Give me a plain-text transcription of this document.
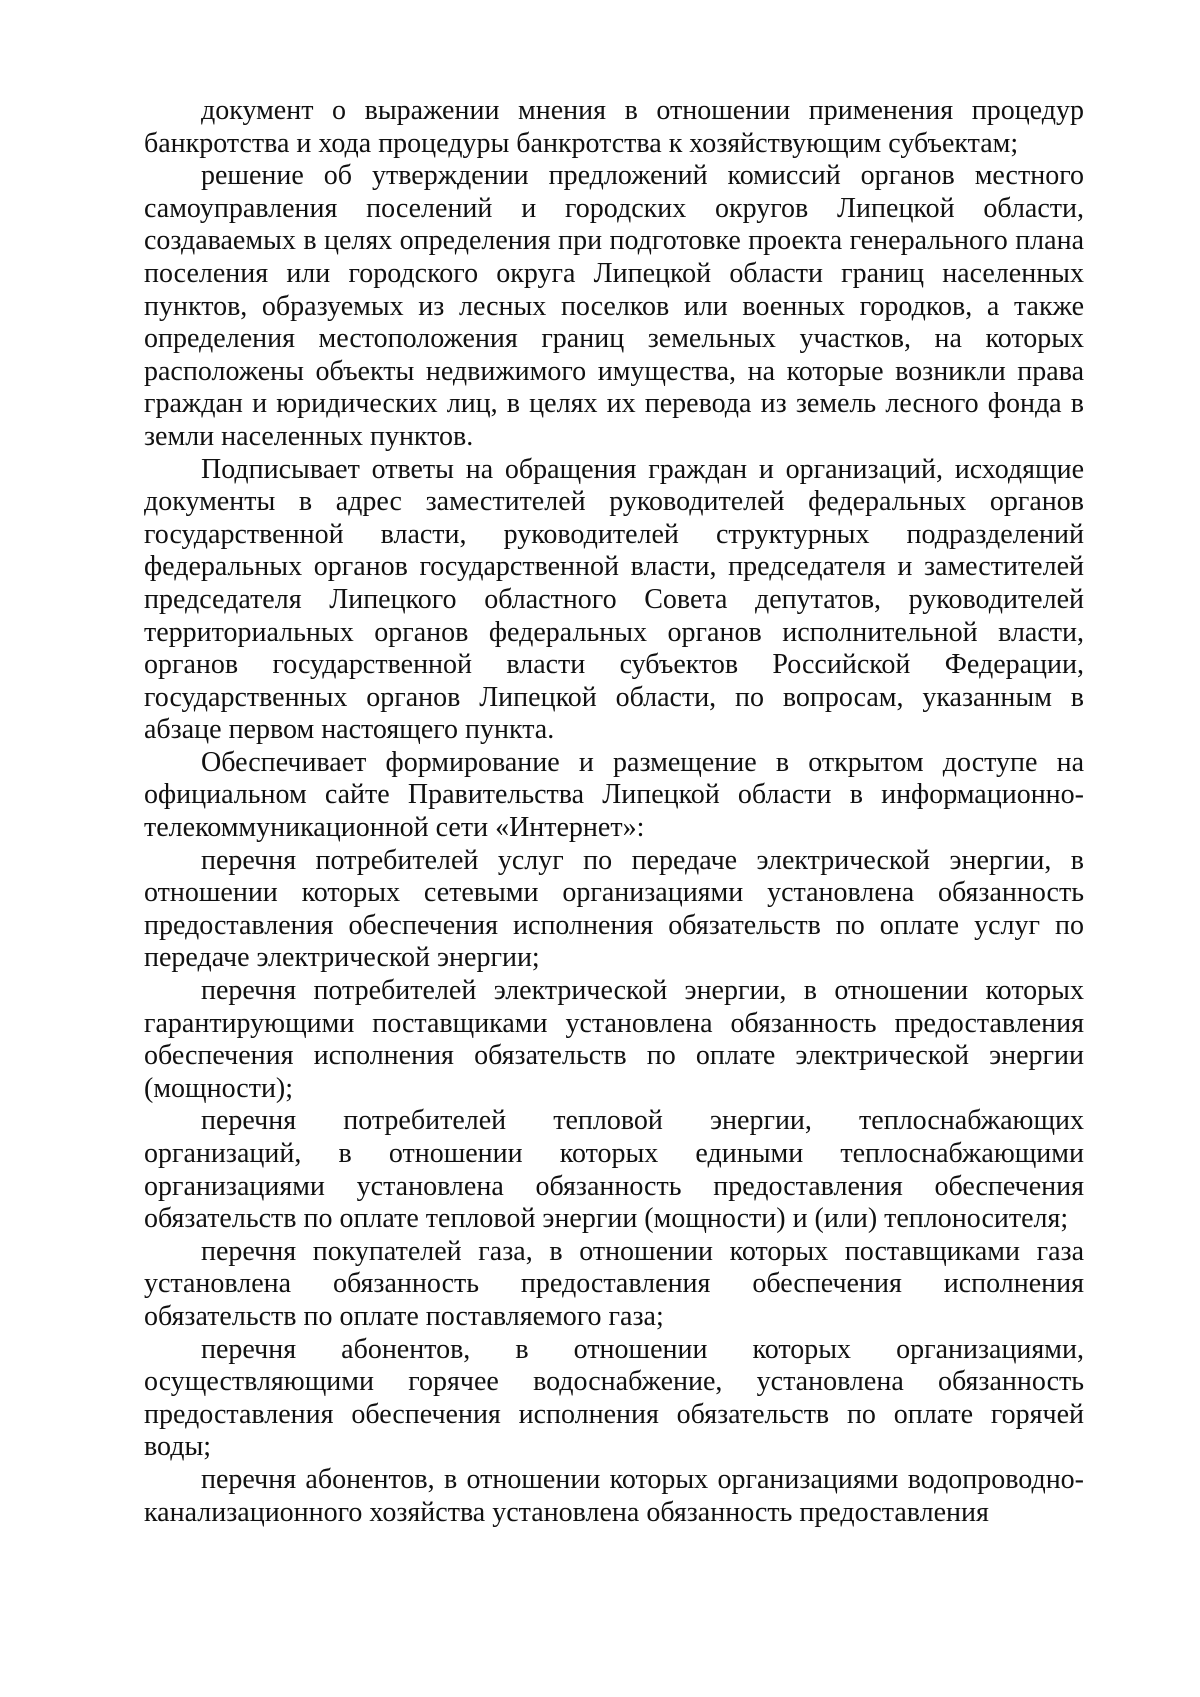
документ о выражении мнения в отношении применения процедур банкротства и хода процедуры банкротства к хозяйствующим субъектам;

решение об утверждении предложений комиссий органов местного самоуправления поселений и городских округов Липецкой области, создаваемых в целях определения при подготовке проекта генерального плана поселения или городского округа Липецкой области границ населенных пунктов, образуемых из лесных поселков или военных городков, а также определения местоположения границ земельных участков, на которых расположены объекты недвижимого имущества, на которые возникли права граждан и юридических лиц, в целях их перевода из земель лесного фонда в земли населенных пунктов.

Подписывает ответы на обращения граждан и организаций, исходящие документы в адрес заместителей руководителей федеральных органов государственной власти, руководителей структурных подразделений федеральных органов государственной власти, председателя и заместителей председателя Липецкого областного Совета депутатов, руководителей территориальных органов федеральных органов исполнительной власти, органов государственной власти субъектов Российской Федерации, государственных органов Липецкой области, по вопросам, указанным в абзаце первом настоящего пункта.

Обеспечивает формирование и размещение в открытом доступе на официальном сайте Правительства Липецкой области в информационно-телекоммуникационной сети «Интернет»:

перечня потребителей услуг по передаче электрической энергии, в отношении которых сетевыми организациями установлена обязанность предоставления обеспечения исполнения обязательств по оплате услуг по передаче электрической энергии;

перечня потребителей электрической энергии, в отношении которых гарантирующими поставщиками установлена обязанность предоставления обеспечения исполнения обязательств по оплате электрической энергии (мощности);

перечня потребителей тепловой энергии, теплоснабжающих организаций, в отношении которых едиными теплоснабжающими организациями установлена обязанность предоставления обеспечения обязательств по оплате тепловой энергии (мощности) и (или) теплоносителя;

перечня покупателей газа, в отношении которых поставщиками газа установлена обязанность предоставления обеспечения исполнения обязательств по оплате поставляемого газа;

перечня абонентов, в отношении которых организациями, осуществляющими горячее водоснабжение, установлена обязанность предоставления обеспечения исполнения обязательств по оплате горячей воды;

перечня абонентов, в отношении которых организациями водопроводно-канализационного хозяйства установлена обязанность предоставления
